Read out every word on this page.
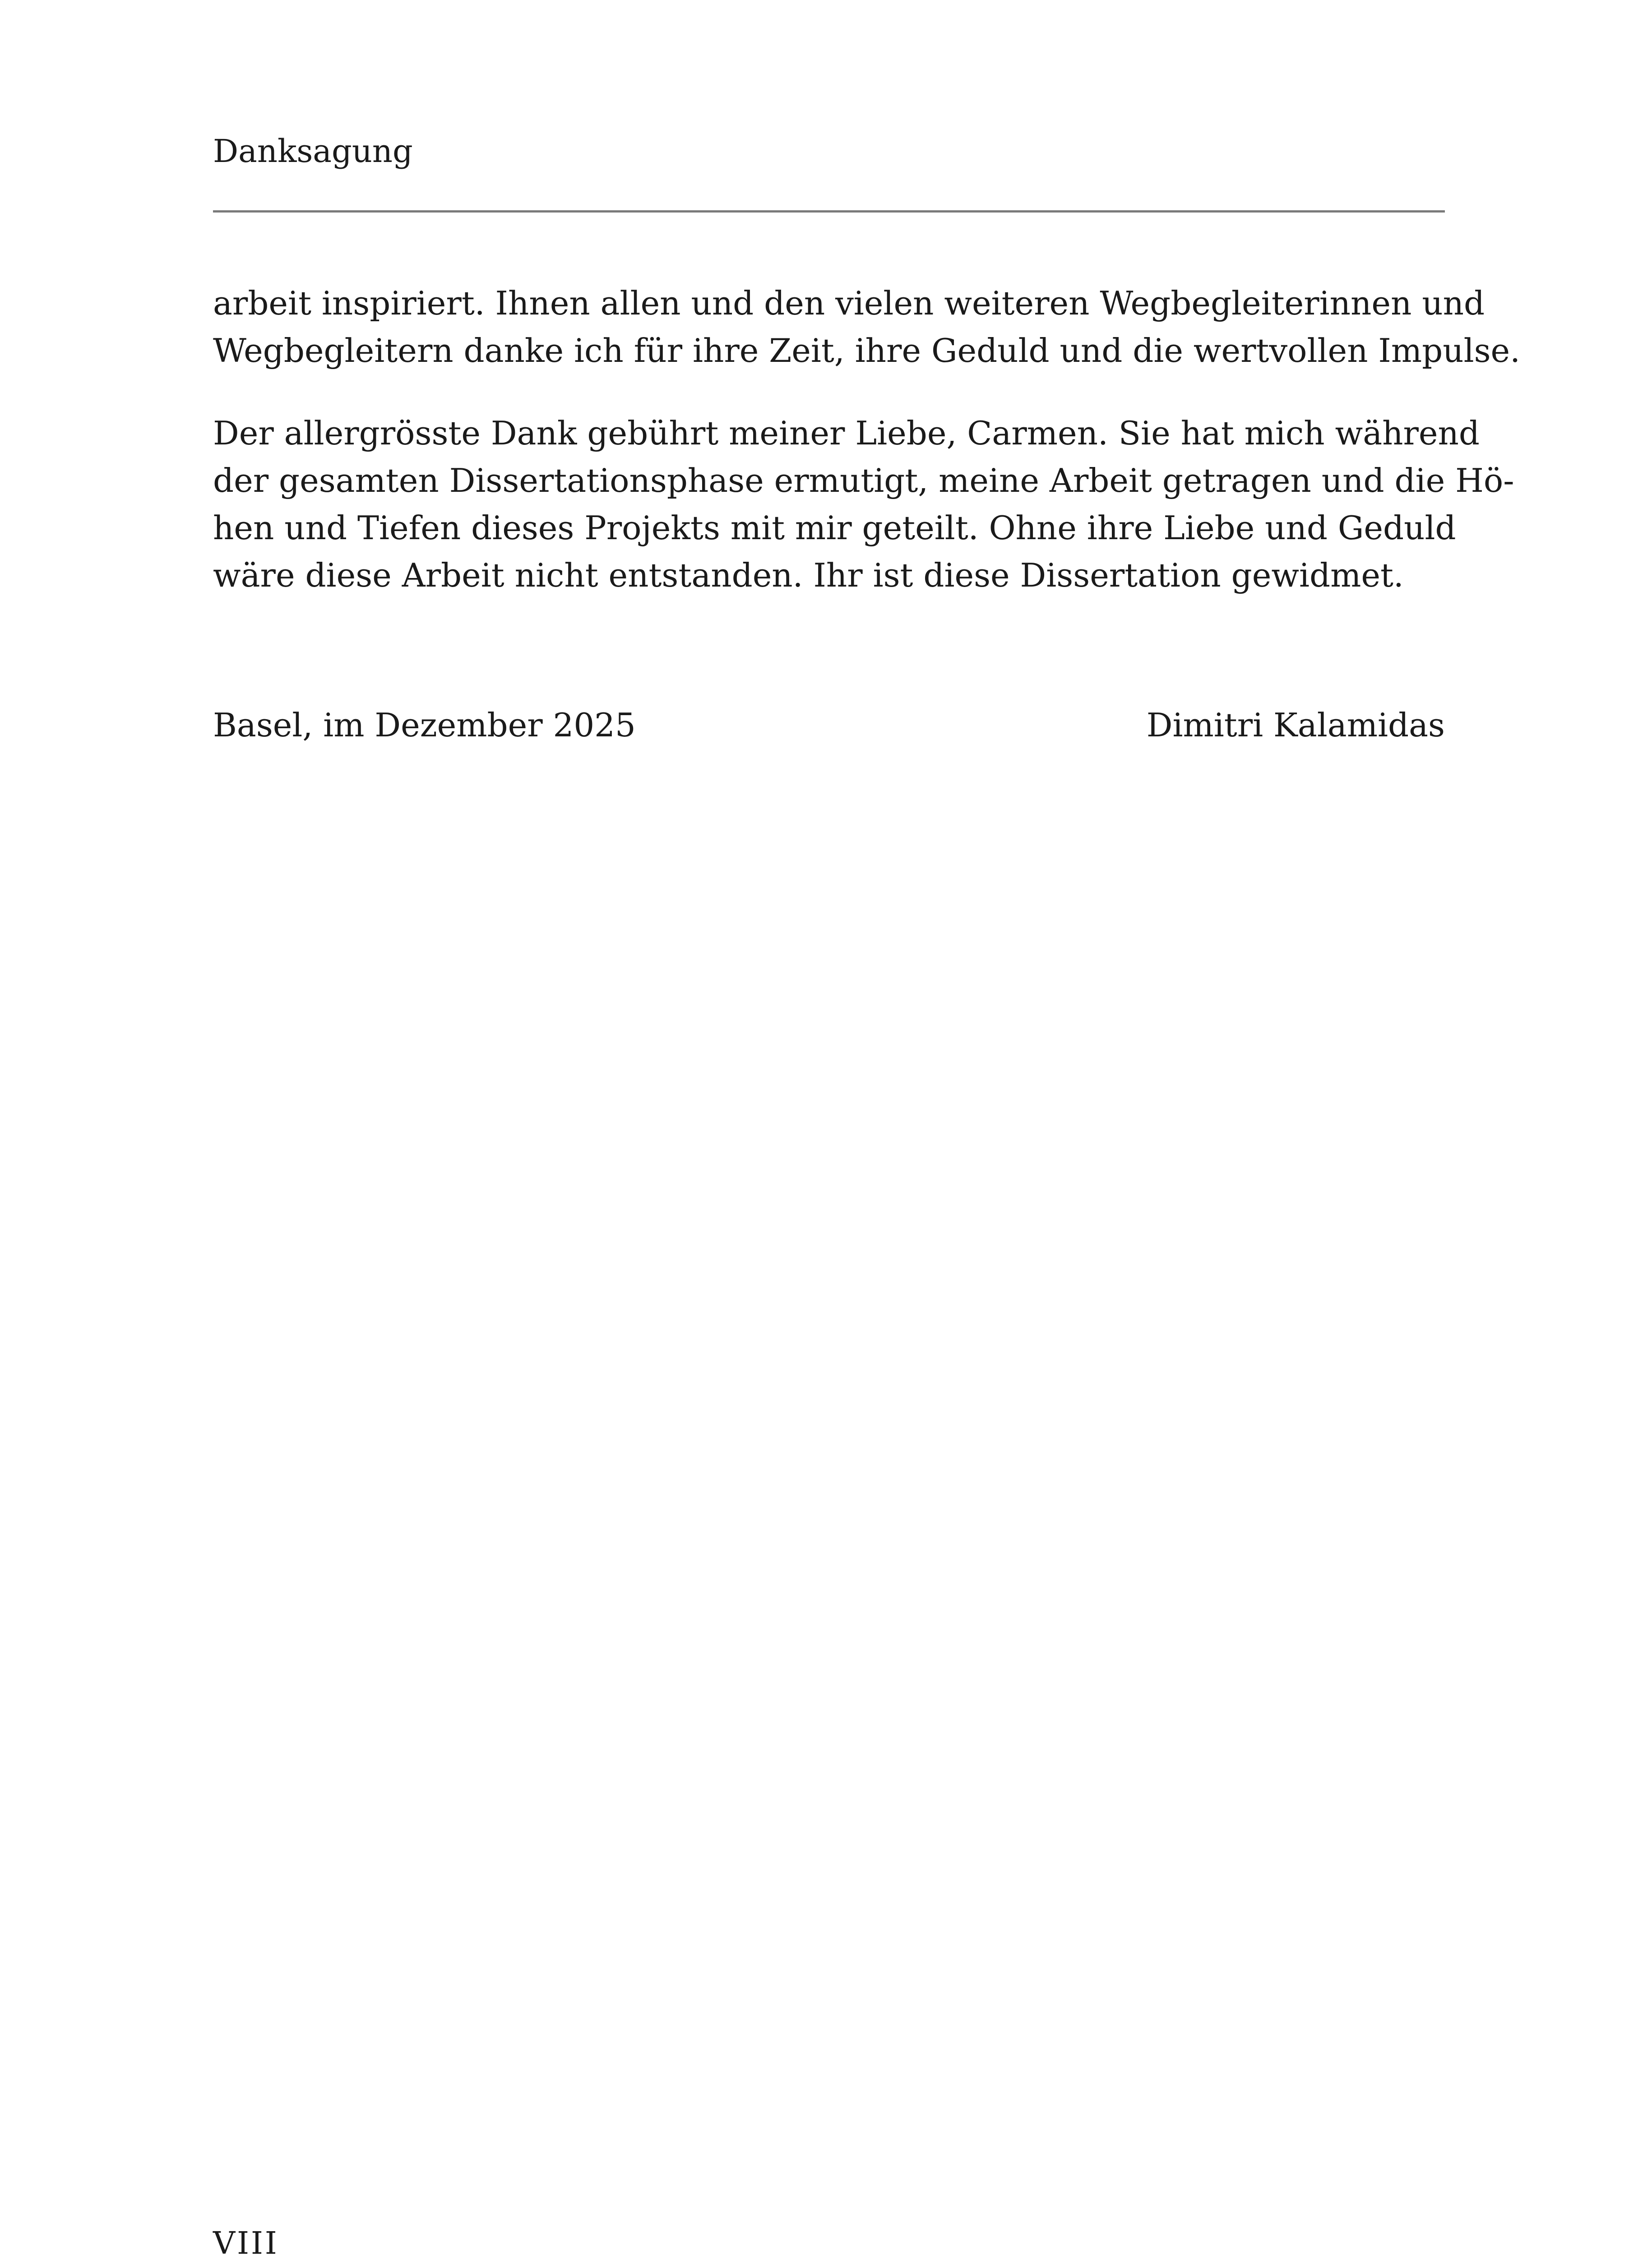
Danksagung

arbeit inspiriert. Ihnen allen und den vielen weiteren Wegbegleiterinnen und
Wegbegleitern danke ich für ihre Zeit, ihre Geduld und die wertvollen Impulse.

Der allergrösste Dank gebührt meiner Liebe, Carmen. Sie hat mich während
der gesamten Dissertationsphase ermutigt, meine Arbeit getragen und die Hö-
hen und Tiefen dieses Projekts mit mir geteilt. Ohne ihre Liebe und Geduld
wäre diese Arbeit nicht entstanden. Ihr ist diese Dissertation gewidmet.

Basel, im Dezember 2025	Dimitri Kalamidas
VIII
